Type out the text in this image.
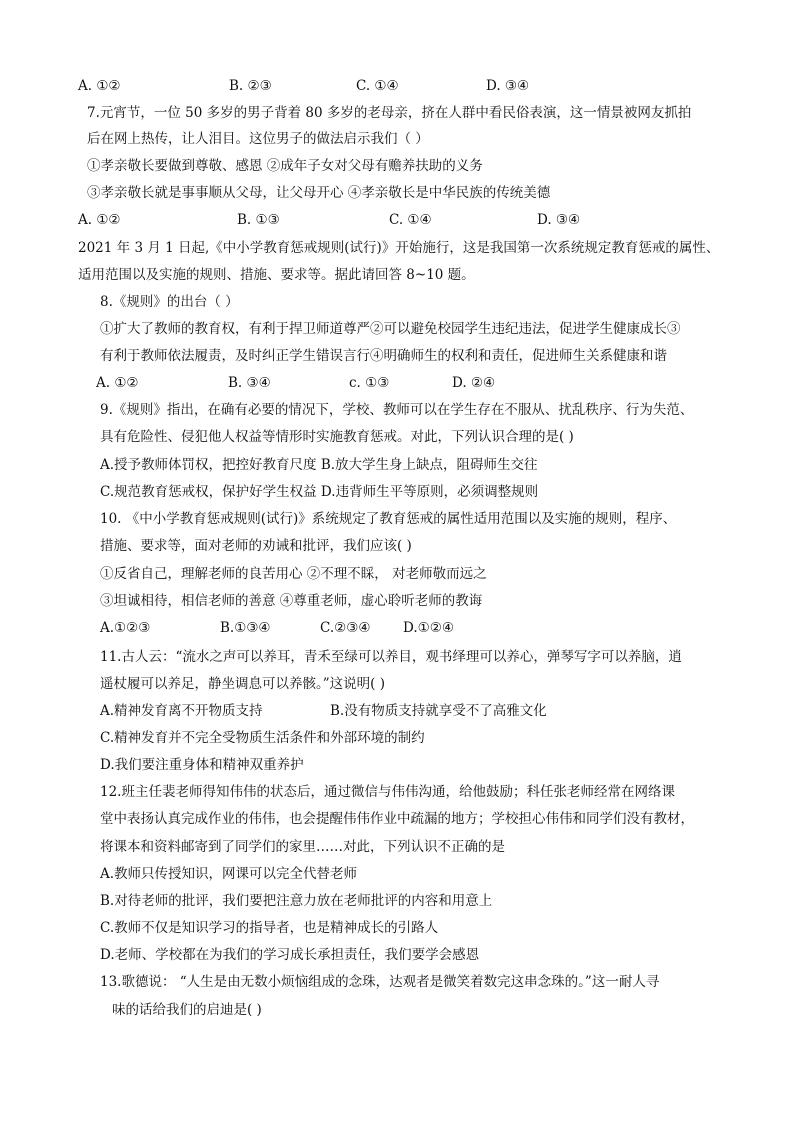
A. ①②	B. ②③	C. ①④	D. ③④
7.元宵节，一位 50 多岁的男子背着 80 多岁的老母亲，挤在人群中看民俗表演，这一情景被网友抓拍
后在网上热传，让人泪目。这位男子的做法启示我们（ ）
①孝亲敬长要做到尊敬、感恩 ②成年子女对父母有赡养扶助的义务
③孝亲敬长就是事事顺从父母，让父母开心 ④孝亲敬长是中华民族的传统美德
A. ①②	B. ①③	C. ①④	D. ③④
2021 年 3 月 1 日起,《中小学教育惩戒规则(试行)》开始施行，这是我国第一次系统规定教育惩戒的属性、
适用范围以及实施的规则、措施、要求等。据此请回答 8~10 题。
8.《规则》的出台（ ）
①扩大了教师的教育权，有利于捍卫师道尊严②可以避免校园学生违纪违法，促进学生健康成长③
有利于教师依法履责，及时纠正学生错误言行④明确师生的权利和责任，促进师生关系健康和谐
A. ①②	B. ③④	c. ①③	D. ②④
9.《规则》指出，在确有必要的情况下，学校、教师可以在学生存在不服从、扰乱秩序、行为失范、
具有危险性、侵犯他人权益等情形时实施教育惩戒。对此，下列认识合理的是( )
A.授予教师体罚权，把控好教育尺度 B.放大学生身上缺点，阻碍师生交往
C.规范教育惩戒权，保护好学生权益 D.违背师生平等原则，必须调整规则
10. 《中小学教育惩戒规则(试行)》系统规定了教育惩戒的属性适用范围以及实施的规则，程序、
措施、要求等，面对老师的劝诫和批评，我们应该( )
①反省自己，理解老师的良苦用心 ②不理不睬， 对老师敬而远之
③坦诚相待，相信老师的善意 ④尊重老师，虚心聆听老师的教诲
A.①②③	B.①③④	C.②③④ D.①②④
11.古人云：“流水之声可以养耳，青禾至绿可以养目，观书绎理可以养心，弹琴写字可以养脑，逍
遥杖履可以养足，静坐调息可以养骸。”这说明( )
A.精神发育离不开物质支持	B.没有物质支持就享受不了高雅文化
C.精神发育并不完全受物质生活条件和外部环境的制约
D.我们要注重身体和精神双重养护
12.班主任裴老师得知伟伟的状态后，通过微信与伟伟沟通，给他鼓励；科任张老师经常在网络课
堂中表扬认真完成作业的伟伟，也会提醒伟伟作业中疏漏的地方；学校担心伟伟和同学们没有教材，
将课本和资料邮寄到了同学们的家里……对此，下列认识不正确的是
A.教师只传授知识，网课可以完全代替老师
B.对待老师的批评，我们要把注意力放在老师批评的内容和用意上
C.教师不仅是知识学习的指导者，也是精神成长的引路人
D.老师、学校都在为我们的学习成长承担责任，我们要学会感恩
13.歌德说： “人生是由无数小烦恼组成的念珠，达观者是微笑着数完这串念珠的。”这一耐人寻
味的话给我们的启迪是( )
